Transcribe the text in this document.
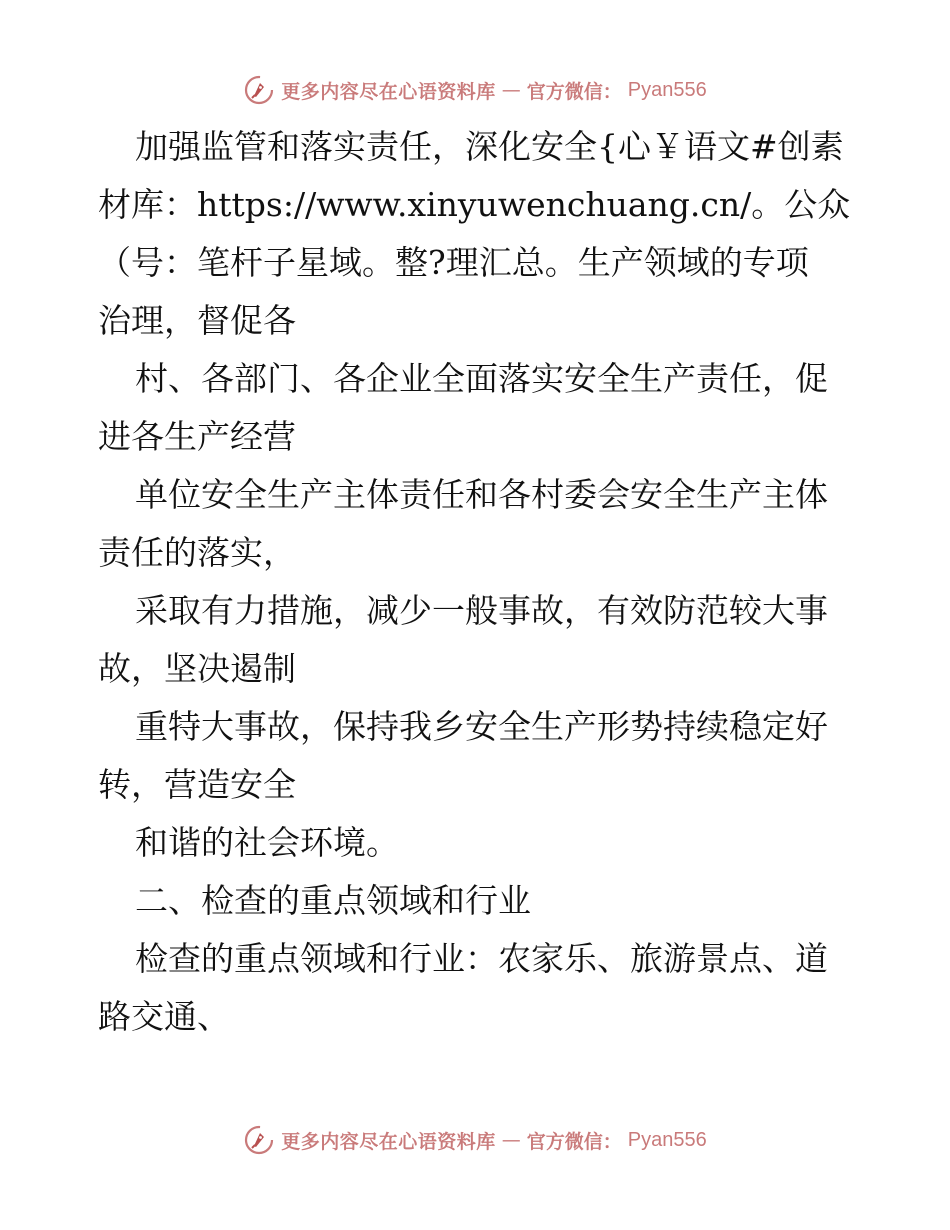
更多内容尽在心语资料库 — 官方微信： Pyan556
加强监管和落实责任，深化安全{心￥语文#创素
材库：https://www.xinyuwenchuang.cn/。公众
（号：笔杆子星域。整?理汇总。生产领域的专项
治理，督促各
村、各部门、各企业全面落实安全生产责任，促
进各生产经营
单位安全生产主体责任和各村委会安全生产主体
责任的落实，
采取有力措施，减少一般事故，有效防范较大事
故，坚决遏制
重特大事故，保持我乡安全生产形势持续稳定好
转，营造安全
和谐的社会环境。
二、检查的重点领域和行业
检查的重点领域和行业：农家乐、旅游景点、道
路交通、
更多内容尽在心语资料库 — 官方微信： Pyan556
